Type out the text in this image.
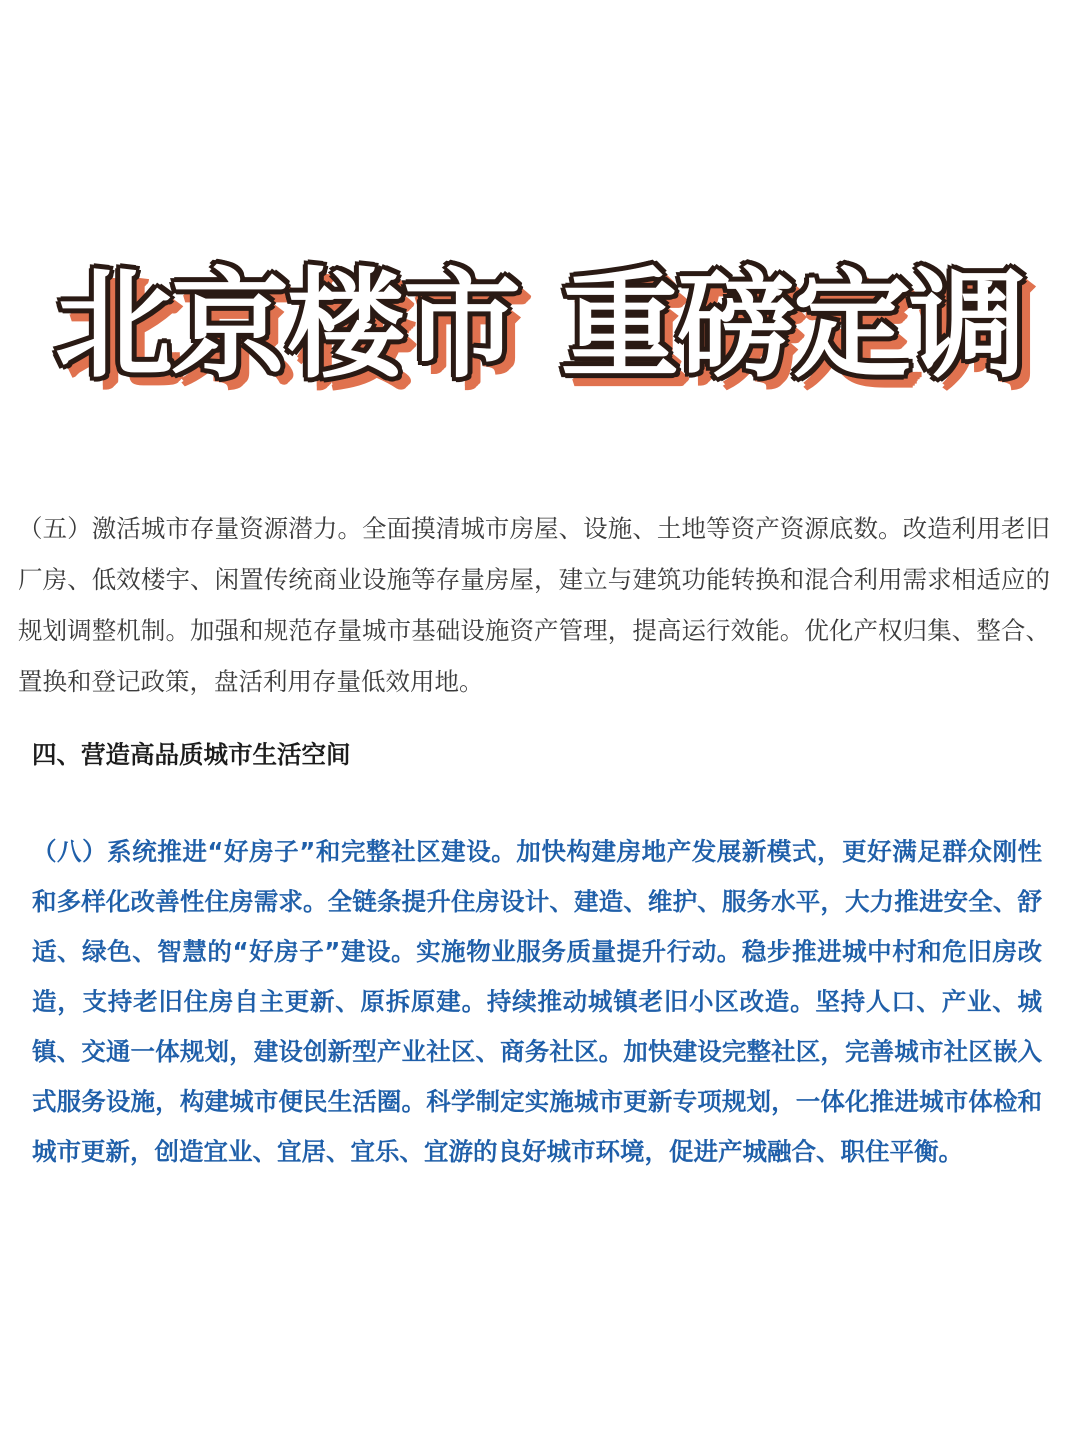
北京楼市 重磅定调

（五）激活城市存量资源潜力。全面摸清城市房屋、设施、土地等资产资源底数。改造利用老旧厂房、低效楼宇、闲置传统商业设施等存量房屋，建立与建筑功能转换和混合利用需求相适应的规划调整机制。加强和规范存量城市基础设施资产管理，提高运行效能。优化产权归集、整合、置换和登记政策，盘活利用存量低效用地。

四、营造高品质城市生活空间

（八）系统推进“好房子”和完整社区建设。加快构建房地产发展新模式，更好满足群众刚性和多样化改善性住房需求。全链条提升住房设计、建造、维护、服务水平，大力推进安全、舒适、绿色、智慧的“好房子”建设。实施物业服务质量提升行动。稳步推进城中村和危旧房改造，支持老旧住房自主更新、原拆原建。持续推动城镇老旧小区改造。坚持人口、产业、城镇、交通一体规划，建设创新型产业社区、商务社区。加快建设完整社区，完善城市社区嵌入式服务设施，构建城市便民生活圈。科学制定实施城市更新专项规划，一体化推进城市体检和城市更新，创造宜业、宜居、宜乐、宜游的良好城市环境，促进产城融合、职住平衡。
